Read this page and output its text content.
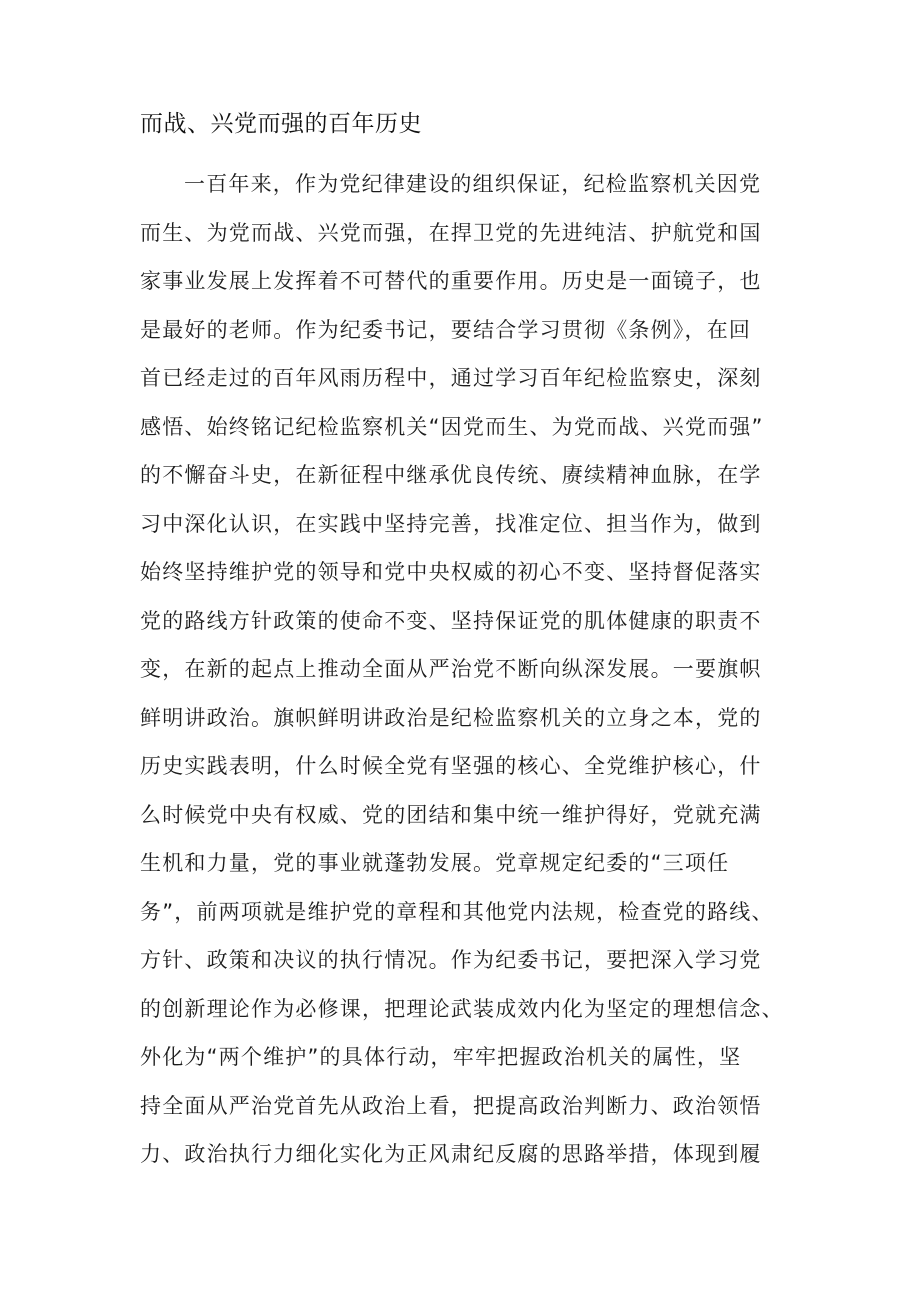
而战、兴党而强的百年历史
一百年来，作为党纪律建设的组织保证，纪检监察机关因党
而生、为党而战、兴党而强，在捍卫党的先进纯洁、护航党和国
家事业发展上发挥着不可替代的重要作用。历史是一面镜子，也
是最好的老师。作为纪委书记，要结合学习贯彻《条例》，在回
首已经走过的百年风雨历程中，通过学习百年纪检监察史，深刻
感悟、始终铭记纪检监察机关“因党而生、为党而战、兴党而强”
的不懈奋斗史，在新征程中继承优良传统、赓续精神血脉，在学
习中深化认识，在实践中坚持完善，找准定位、担当作为，做到
始终坚持维护党的领导和党中央权威的初心不变、坚持督促落实
党的路线方针政策的使命不变、坚持保证党的肌体健康的职责不
变，在新的起点上推动全面从严治党不断向纵深发展。一要旗帜
鲜明讲政治。旗帜鲜明讲政治是纪检监察机关的立身之本，党的
历史实践表明，什么时候全党有坚强的核心、全党维护核心，什
么时候党中央有权威、党的团结和集中统一维护得好，党就充满
生机和力量，党的事业就蓬勃发展。党章规定纪委的“三项任
务”，前两项就是维护党的章程和其他党内法规，检查党的路线、
方针、政策和决议的执行情况。作为纪委书记，要把深入学习党
的创新理论作为必修课，把理论武装成效内化为坚定的理想信念、
外化为“两个维护”的具体行动，牢牢把握政治机关的属性，坚
持全面从严治党首先从政治上看，把提高政治判断力、政治领悟
力、政治执行力细化实化为正风肃纪反腐的思路举措，体现到履
